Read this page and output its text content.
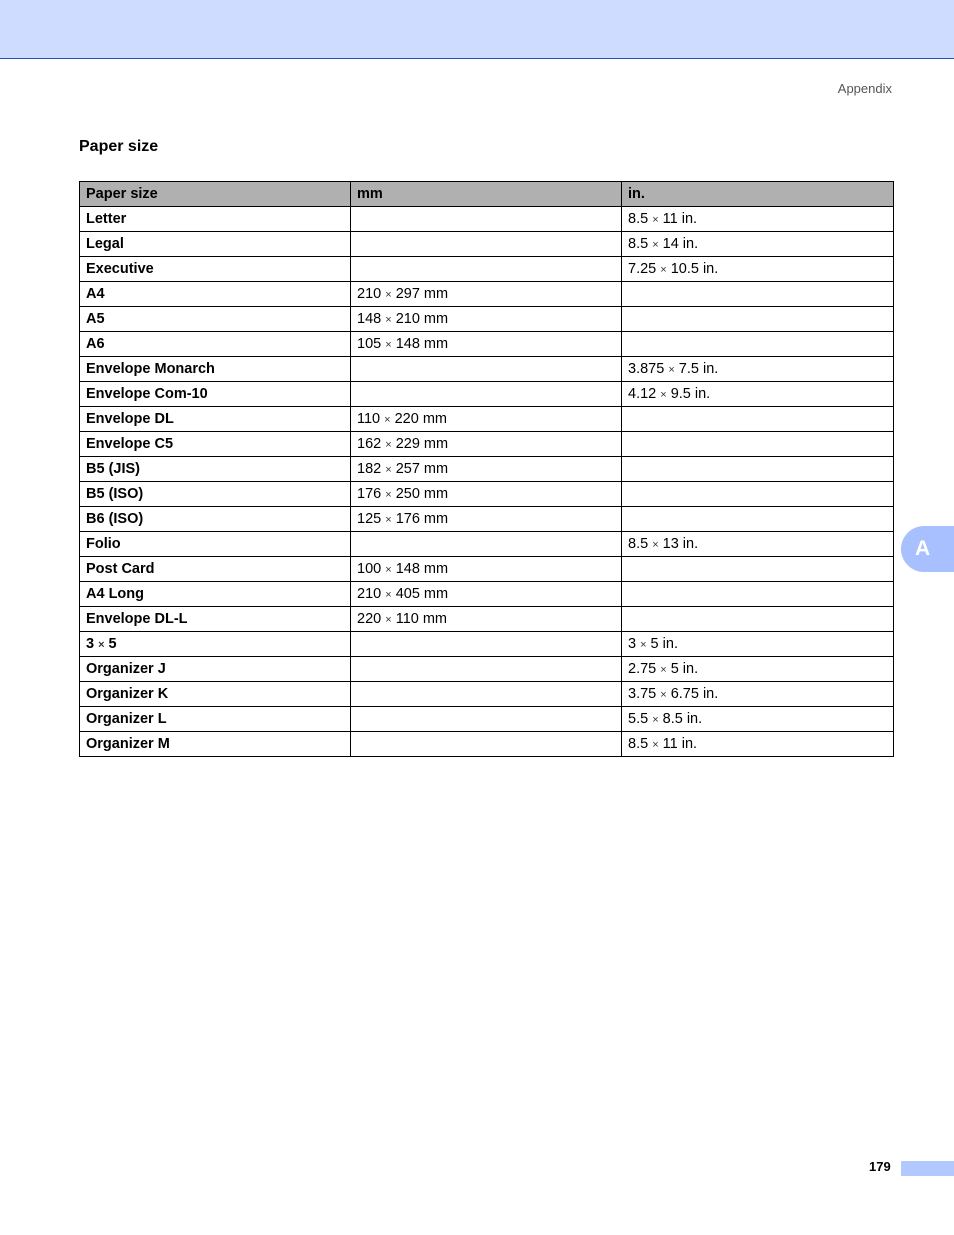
Appendix
Paper size
Paper size	mm	in.
Letter		8.5 × 11 in.
Legal		8.5 × 14 in.
Executive		7.25 × 10.5 in.
A4	210 × 297 mm	
A5	148 × 210 mm	
A6	105 × 148 mm	
Envelope Monarch		3.875 × 7.5 in.
Envelope Com-10		4.12 × 9.5 in.
Envelope DL	110 × 220 mm	
Envelope C5	162 × 229 mm	
B5 (JIS)	182 × 257 mm	
B5 (ISO)	176 × 250 mm	
B6 (ISO)	125 × 176 mm	
Folio		8.5 × 13 in.
Post Card	100 × 148 mm	
A4 Long	210 × 405 mm	
Envelope DL-L	220 × 110 mm	
3 × 5		3 × 5 in.
Organizer J		2.75 × 5 in.
Organizer K		3.75 × 6.75 in.
Organizer L		5.5 × 8.5 in.
Organizer M		8.5 × 11 in.
A
179
